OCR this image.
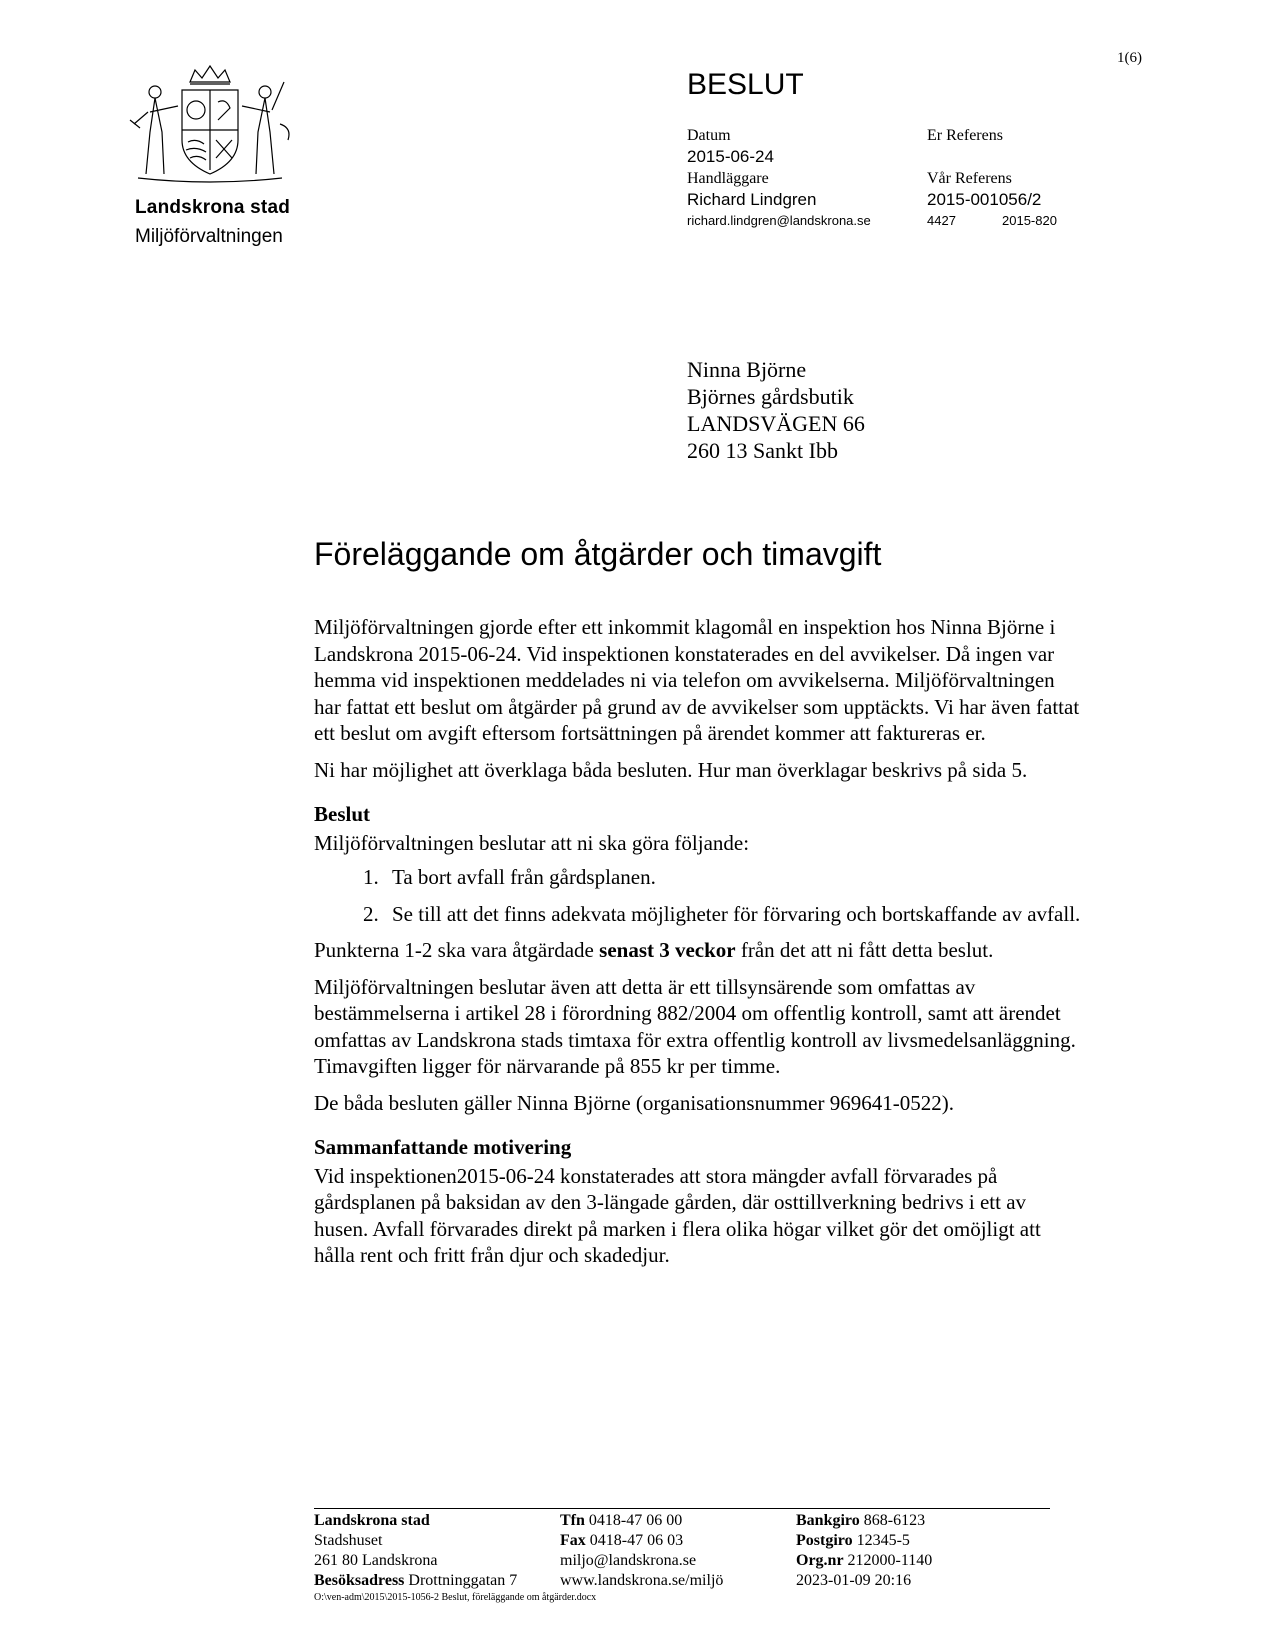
1(6)
Landskrona stad
Miljöförvaltningen
BESLUT
Datum
2015-06-24
Handläggare
Richard Lindgren
richard.lindgren@landskrona.se
Er Referens
Vår Referens
2015-001056/2
4427	2015-820
Ninna Björne
Björnes gårdsbutik
LANDSVÄGEN 66
260 13 Sankt Ibb
Föreläggande om åtgärder och timavgift

Miljöförvaltningen gjorde efter ett inkommit klagomål en inspektion hos Ninna Björne i Landskrona 2015-06-24. Vid inspektionen konstaterades en del avvikelser. Då ingen var hemma vid inspektionen meddelades ni via telefon om avvikelserna. Miljöförvaltningen har fattat ett beslut om åtgärder på grund av de avvikelser som upptäckts. Vi har även fattat ett beslut om avgift eftersom fortsättningen på ärendet kommer att faktureras er.

Ni har möjlighet att överklaga båda besluten. Hur man överklagar beskrivs på sida 5.

Beslut

Miljöförvaltningen beslutar att ni ska göra följande:

1. Ta bort avfall från gårdsplanen.
2. Se till att det finns adekvata möjligheter för förvaring och bortskaffande av avfall.

Punkterna 1-2 ska vara åtgärdade senast 3 veckor från det att ni fått detta beslut.

Miljöförvaltningen beslutar även att detta är ett tillsynsärende som omfattas av bestämmelserna i artikel 28 i förordning 882/2004 om offentlig kontroll, samt att ärendet omfattas av Landskrona stads timtaxa för extra offentlig kontroll av livsmedelsanläggning. Timavgiften ligger för närvarande på 855 kr per timme.

De båda besluten gäller Ninna Björne (organisationsnummer 969641-0522).

Sammanfattande motivering

Vid inspektionen2015-06-24 konstaterades att stora mängder avfall förvarades på gårdsplanen på baksidan av den 3-längade gården, där osttillverkning bedrivs i ett av husen. Avfall förvarades direkt på marken i flera olika högar vilket gör det omöjligt att hålla rent och fritt från djur och skadedjur.

Landskrona stad
Stadshuset
261 80 Landskrona
Besöksadress Drottninggatan 7
Tfn 0418-47 06 00
Fax 0418-47 06 03
miljo@landskrona.se
www.landskrona.se/miljö
Bankgiro 868-6123
Postgiro 12345-5
Org.nr 212000-1140
2023-01-09 20:16
O:\ven-adm\2015\2015-1056-2 Beslut, föreläggande om åtgärder.docx
